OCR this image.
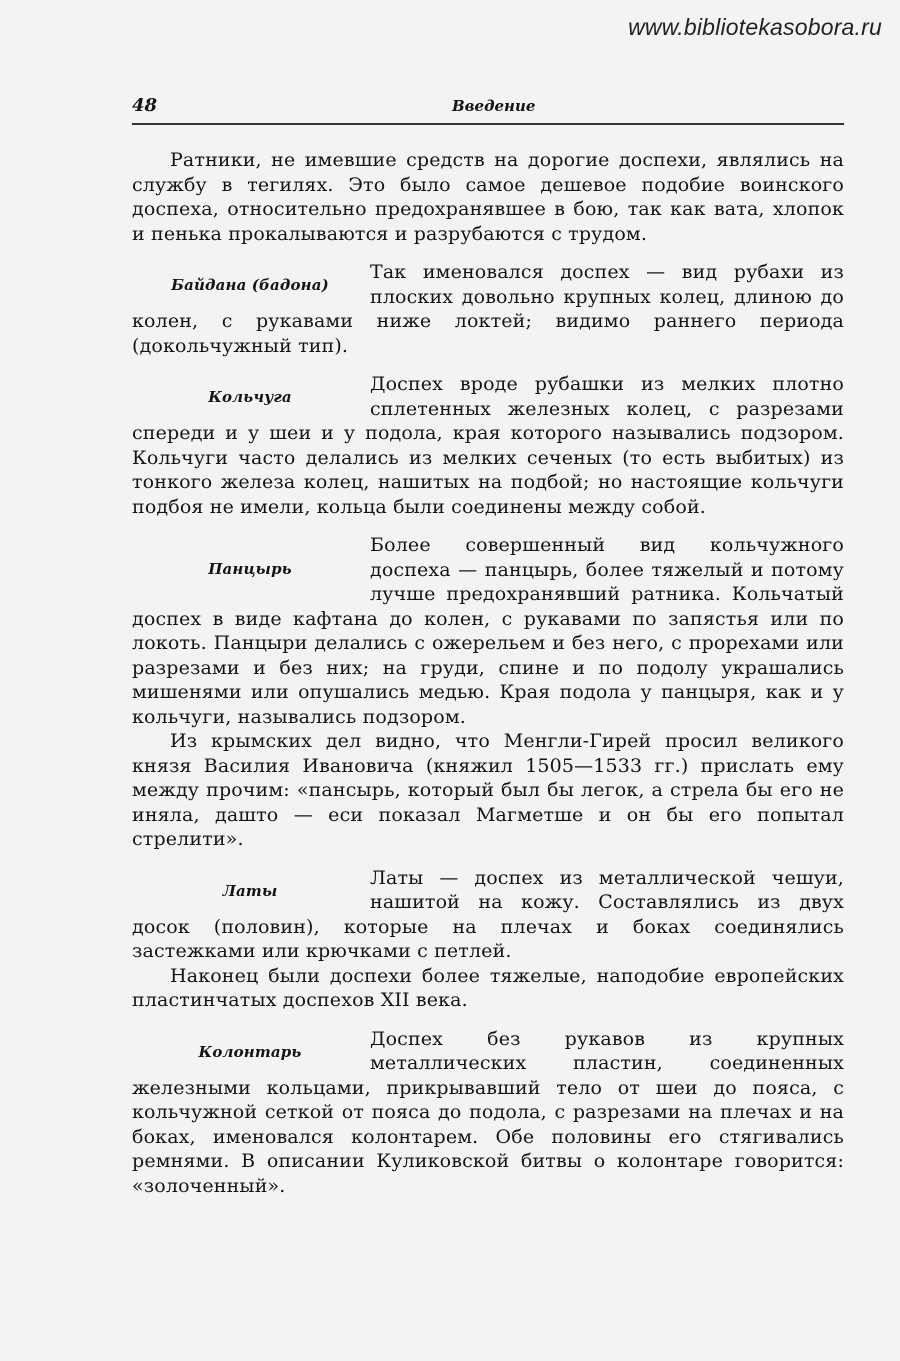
www.bibliotekasobora.ru
48	Введение

Ратники, не имевшие средств на дорогие доспехи, являлись на службу в тегилях. Это было самое дешевое подобие воинского доспеха, относительно предохранявшее в бою, так как вата, хлопок и пенька прокалываются и разрубаются с трудом.

Байдана (бадона)

Так именовался доспех — вид рубахи из плоских довольно крупных колец, длиною до колен, с рукавами ниже локтей; видимо раннего периода (докольчужный тип).

Кольчуга

Доспех вроде рубашки из мелких плотно сплетенных железных колец, с разрезами спереди и у шеи и у подола, края которого назывались подзором. Кольчуги часто делались из мелких сеченых (то есть выбитых) из тонкого железа колец, нашитых на подбой; но настоящие кольчуги подбоя не имели, кольца были соединены между собой.

Панцырь

Более совершенный вид кольчужного доспеха — панцырь, более тяжелый и потому лучше предохранявший ратника. Кольчатый доспех в виде кафтана до колен, с рукавами по запястья или по локоть. Панцыри делались с ожерельем и без него, с прорехами или разрезами и без них; на груди, спине и по подолу украшались мишенями или опушались медью. Края подола у панцыря, как и у кольчуги, назывались подзором.

Из крымских дел видно, что Менгли-Гирей просил великого князя Василия Ивановича (княжил 1505—1533 гг.) прислать ему между прочим: «пансырь, который был бы легок, а стрела бы его не иняла, дашто — еси показал Магметше и он бы его попытал стрелити».

Латы

Латы — доспех из металлической чешуи, нашитой на кожу. Составлялись из двух досок (половин), которые на плечах и боках соединялись застежками или крючками с петлей.

Наконец были доспехи более тяжелые, наподобие европейских пластинчатых доспехов XII века.

Колонтарь

Доспех без рукавов из крупных металлических пластин, соединенных железными кольцами, прикрывавший тело от шеи до пояса, с кольчужной сеткой от пояса до подола, с разрезами на плечах и на боках, именовался колонтарем. Обе половины его стягивались ремнями. В описании Куликовской битвы о колонтаре говорится: «золоченный».
